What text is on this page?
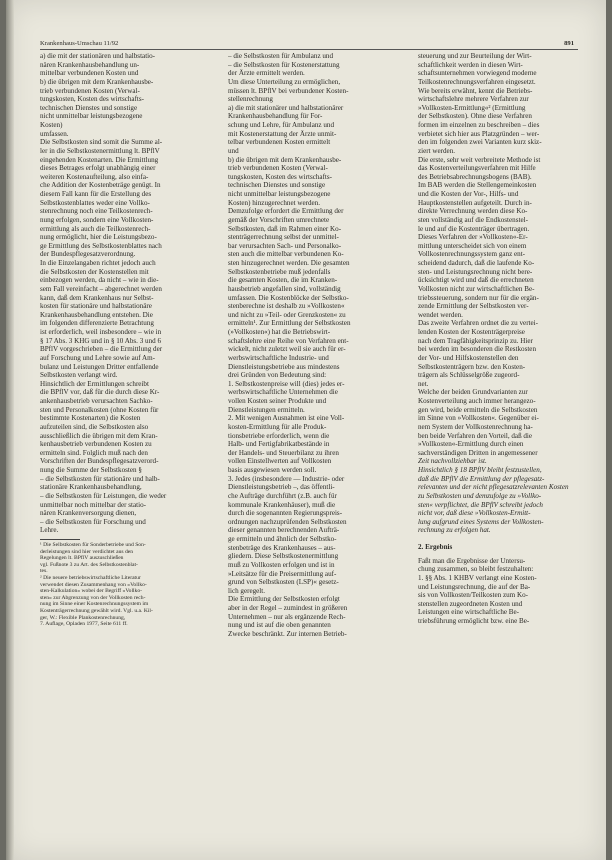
Krankenhaus-Umschau 11/92	891

a) die mit der stationären und halbstatio-

nären Krankenhausbehandlung un-

mittelbar verbundenen Kosten und

b) die übrigen mit dem Krankenhausbe-

trieb verbundenen Kosten (Verwal-

tungskosten, Kosten des wirtschafts-

technischen Dienstes und sonstige

nicht unmittelbar leistungsbezogene

Kosten)

umfassen.

Die Selbstkosten sind somit die Summe al-

ler in die Selbstkostenermittlung lt. BPflV

eingehenden Kostenarten. Die Ermittlung

dieses Betrages erfolgt unabhängig einer

weiteren Kostenaufteilung, also einfa-

che Addition der Kostenbeträge genügt. In

diesem Fall kann für die Erstellung des

Selbstkostenblattes weder eine Vollko-

stenrechnung noch eine Teilkostenrech-

nung erfolgen, sondern eine Vollkosten-

ermittlung als auch die Teilkostenrech-

nung ermöglicht, hier die Leistungsbezo-

ge Ermittlung des Selbstkostenblattes nach

der Bundespflegesatzverordnung.

In die Einzelangaben richtet jedoch auch

die Selbstkosten der Kostenstellen mit

einbezogen werden, da nicht – wie in die-

sem Fall vereinfacht – abgerechnet werden

kann, daß dem Krankenhaus nur Selbst-

kosten für stationäre und halbstationäre

Krankenhausbehandlung entstehen. Die

im folgenden differenzierte Betrachtung

ist erforderlich, weil insbesondere – wie in

§ 17 Abs. 3 KHG und in § 10 Abs. 3 und 6

BPflV vorgeschrieben – die Ermittlung der

auf Forschung und Lehre sowie auf Am-

bulanz und Leistungen Dritter entfallende

Selbstkosten verlangt wird.

Hinsichtlich der Ermittlungen schreibt

die BPflV vor, daß für die durch diese Kr-

ankenhausbetrieb verursachten Sachko-

sten und Personalkosten (ohne Kosten für

bestimmte Kostenarten) die Kosten

aufzuteilen sind, die Selbstkosten also

ausschließlich die übrigen mit dem Kran-

kenhausbetrieb verbundenen Kosten zu

ermitteln sind. Folglich muß nach den

Vorschriften der Bundespflegesatzverord-

nung die Summe der Selbstkosten §

– die Selbstkosten für stationäre und halb-

stationäre Krankenhausbehandlung,

– die Selbstkosten für Leistungen, die weder

unmittelbar noch mittelbar der statio-

nären Krankenversorgung dienen,

– die Selbstkosten für Forschung und

Lehre.

¹ Die Selbstkosten für Sonderbetriebe und Son-

derleistungen sind hier verdichtet aus den

Regelungen lt. BPflV auszuschließen

vgl. Fußnote 3 zu Art. des Selbstkostenblat-

tes.

² Die neuere betriebswirtschaftliche Literatur

verwendet diesen Zusammenhang von »Vollko-

sten-Kalkulation« wobei der Begriff »Vollko-

sten« zur Abgrenzung von der Vollkosten rech-

nung im Sinne einer Kostenrechnungssystem im

Kostenträgerrechnung gewählt wird. Vgl. u.a. Kil-

ger, W.: Flexible Plankostenrechnung,

7. Auflage, Opladen 1977, Seite 611 ff.

– die Selbstkosten für Ambulanz und

– die Selbstkosten für Kostenerstattung

der Ärzte ermittelt werden.

Um diese Unterteilung zu ermöglichen,

müssen lt. BPflV bei verbundener Kosten-

stellenrechnung

a) die mit stationärer und halbstationärer

Krankenhausbehandlung für For-

schung und Lehre, für Ambulanz und

mit Kostenerstattung der Ärzte unmit-

telbar verbundenen Kosten ermittelt

und

b) die übrigen mit dem Krankenhausbe-

trieb verbundenen Kosten (Verwal-

tungskosten, Kosten des wirtschafts-

technischen Dienstes und sonstige

nicht unmittelbar leistungsbezogene

Kosten) hinzugerechnet werden.

Demzufolge erfordert die Ermittlung der

gemäß der Vorschriften umrechnete

Selbstkosten, daß im Rahmen einer Ko-

stenträgerrechnung selbst der unmittel-

bar verursachten Sach- und Personalko-

sten auch die mittelbar verbundenen Ko-

sten hinzugerechnet werden. Die gesamten

Selbstkostenbetriebe muß jedenfalls

die gesamten Kosten, die im Kranken-

hausbetrieb angefallen sind, vollständig

umfassen. Die Kostenblöcke der Selbstko-

stenberechne ist deshalb zu »Vollkosten«

und nicht zu »Teil- oder Grenzkosten« zu

ermitteln¹. Zur Ermittlung der Selbstkosten

(»Vollkosten«) hat die Betriebswirt-

schaftslehre eine Reihe von Verfahren ent-

wickelt, nicht zuletzt weil sie auch für er-

werbswirtschaftliche Industrie- und

Dienstleistungsbetriebe aus mindestens

drei Gründen von Bedeutung sind:

1. Selbstkostenpreise will (dies) jedes er-

werbswirtschaftliche Unternehmen die

vollen Kosten seiner Produkte und

Dienstleistungen ermitteln.

2. Mit wenigen Ausnahmen ist eine Voll-

kosten-Ermittlung für alle Produk-

tionsbetriebe erforderlich, wenn die

Halb- und Fertigfabrikatbestände in

der Handels- und Steuerbilanz zu ihren

vollen Einstellwerten auf Vollkosten

basis ausgewiesen werden soll.

3. Jedes (insbesondere — Industrie- oder

Dienstleistungsbetrieb –, das öffentli-

che Aufträge durchführt (z.B. auch für

kommunale Krankenhäuser), muß die

durch die sogenannten Regierungspreis-

ordnungen nachzuprüfenden Selbstkosten

dieser genannten berechnenden Aufträ-

ge ermitteln und ähnlich der Selbstko-

stenbeträge des Krankenhauses – aus-

gliedern. Diese Selbstkostenermittlung

muß zu Vollkosten erfolgen und ist in

»Leitsätze für die Preisermittlung auf-

grund von Selbstkosten (LSP)« gesetz-

lich geregelt.

Die Ermittlung der Selbstkosten erfolgt

aber in der Regel – zumindest in größeren

Unternehmen – nur als ergänzende Rech-

nung und ist auf die oben genannten

Zwecke beschränkt. Zur internen Betrieb-

steuerung und zur Beurteilung der Wirt-

schaftlichkeit werden in diesen Wirt-

schaftsunternehmen vorwiegend moderne

Teilkostenrechnungsverfahren eingesetzt.

Wie bereits erwähnt, kennt die Betriebs-

wirtschaftslehre mehrere Verfahren zur

»Vollkosten-Ermittlung«² (Ermittlung

der Selbstkosten). Ohne diese Verfahren

formen im einzelnen zu beschreiben – dies

verbietet sich hier aus Platzgründen – wer-

den im folgenden zwei Varianten kurz skiz-

ziert werden.

Die erste, sehr weit verbreitete Methode ist

das Kostenverteilungsverfahren mit Hilfe

des Betriebsabrechnungsbogens (BAB).

Im BAB werden die Stellengemeinkosten

und die Kosten der Vor-, Hilfs- und

Hauptkostenstellen aufgeteilt. Durch in-

direkte Verrechnung werden diese Ko-

sten vollständig auf die Endkostenstel-

le und auf die Kostenträger übertragen.

Dieses Verfahren der »Vollkosten«-Er-

mittlung unterscheidet sich von einem

Vollkostenrechnungssystem ganz ent-

scheidend dadurch, daß die laufende Ko-

sten- und Leistungsrechnung nicht bere-

ücksichtigt wird und daß die errechneten

Vollkosten nicht zur wirtschaftlichen Be-

triebssteuerung, sondern nur für die ergän-

zende Ermittlung der Selbstkosten ver-

wendet werden.

Das zweite Verfahren ordnet die zu vertei-

lenden Kosten der Kostenträgerpreise

nach dem Tragfähigkeitsprinzip zu. Hier

bei werden im besonderen die Restkosten

der Vor- und Hilfskostenstellen den

Selbstkostenträgern bzw. den Kosten-

trägern als Schlüsselgröße zugeord-

net.

Welche der beiden Grundvarianten zur

Kostenverteilung auch immer herangezo-

gen wird, beide ermitteln die Selbstkosten

im Sinne von »Vollkosten«. Gegenüber ei-

nem System der Vollkostenrechnung ha-

ben beide Verfahren den Vorteil, daß die

»Vollkosten«-Ermittlung durch einen

sachverständigen Dritten in angemessener

Zeit nachvollziehbar ist.

Hinsichtlich § 18 BPflV bleibt festzustellen,

daß die BPflV die Ermittlung der pflegesatz-

relevanten und der nicht pflegesatzrelevanten Kosten

zu Selbstkosten und demzufolge zu »Vollko-

sten« verpflichtet, die BPflV schreibt jedoch

nicht vor, daß diese »Vollkosten-Ermitt-

lung aufgrund eines Systems der Vollkosten-

rechnung zu erfolgen hat.

2. Ergebnis

Faßt man die Ergebnisse der Untersu-

chung zusammen, so bleibt festzuhalten:

1. §§ Abs. 1 KHBV verlangt eine Kosten-

und Leistungsrechnung, die auf der Ba-

sis von Vollkosten/Teilkosten zum Ko-

stenstellen zugeordneten Kosten und

Leistungen eine wirtschaftliche Be-

triebsführung ermöglicht bzw. eine Be-
